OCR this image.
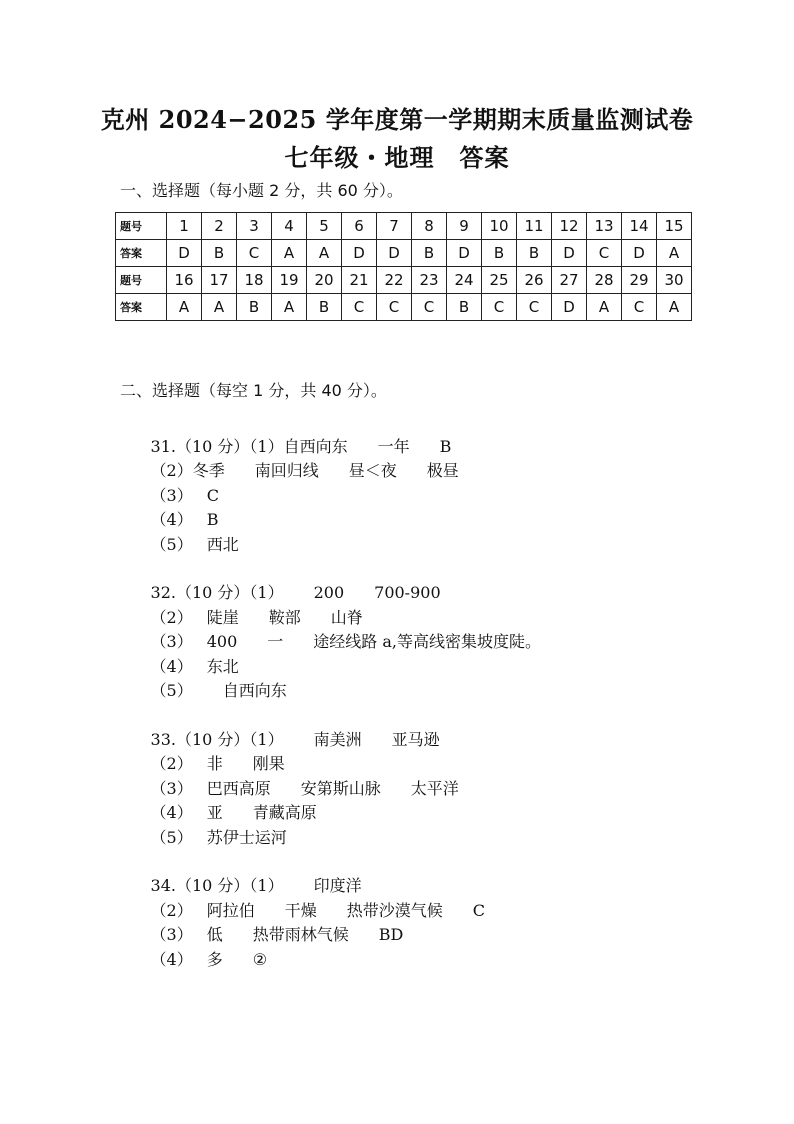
克州 2024−2025 学年度第一学期期末质量监测试卷
七年级・地理　答案
一、选择题（每小题 2 分，共 60 分）。
题号	1	2	3	4	5	6	7	8	9	10	11	12	13	14	15
答案	D	B	C	A	A	D	D	B	D	B	B	D	C	D	A
题号	16	17	18	19	20	21	22	23	24	25	26	27	28	29	30
答案	A	A	B	A	B	C	C	C	B	C	C	D	A	C	A
二、选择题（每空 1 分，共 40 分）。

31.（10 分）（1）自西向东 一年 B

（2）冬季 南回归线 昼＜夜 极昼

（3） C

（4） B

（5） 西北

32.（10 分）（1） 200 700-900

（2） 陡崖 鞍部 山脊

（3） 400 一 途经线路 a,等高线密集坡度陡。

（4） 东北

（5） 自西向东

33.（10 分）（1） 南美洲 亚马逊

（2） 非 刚果

（3） 巴西高原 安第斯山脉 太平洋

（4） 亚 青藏高原

（5） 苏伊士运河

34.（10 分）（1） 印度洋

（2） 阿拉伯 干燥 热带沙漠气候 C

（3） 低 热带雨林气候 BD

（4） 多 ②
